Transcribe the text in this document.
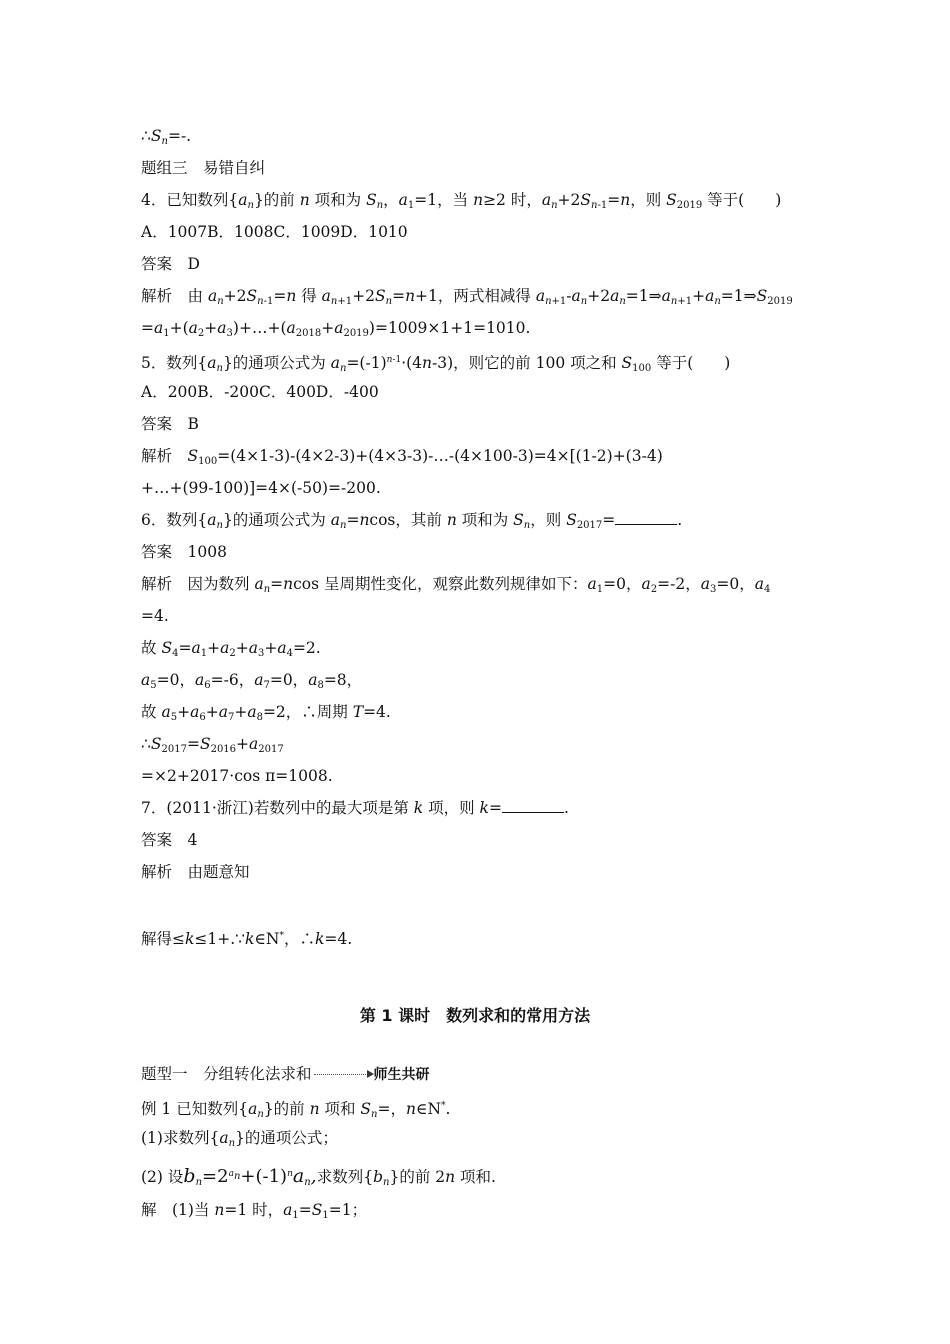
$\therefore S_n=-$.
题组三　易错自纠
4．已知数列$\{a_n\}$的前 n 项和为 $S_n$，$a_1=1$，当 n≥2 时，$a_n+2S_{n-1}=n$，则 $S_{2019}$ 等于(　　)
A．1007B．1008C．1009D．1010
答案　D
解析　由 $a_n+2S_{n-1}=n$ 得 $a_{n+1}+2S_n=n+1$，两式相减得 $a_{n+1}-a_n+2a_n=1\Rightarrow a_{n+1}+a_n=1\Rightarrow S_{2019}$
$=a_1+(a_2+a_3)+\dots+(a_{2018}+a_{2019})=1009\times 1+1=1010$.
5．数列$\{a_n\}$的通项公式为 $a_n=(-1)^{n-1}\cdot(4n-3)$，则它的前 100 项之和 $S_{100}$ 等于(　　)
A．200B．-200C．400D．-400
答案　B
解析　$S_{100}=(4\times 1-3)-(4\times 2-3)+(4\times 3-3)-\dots-(4\times 100-3)=4\times[(1-2)+(3-4)$
+…+(99-100)]=4×(-50)=-200.
6．数列$\{a_n\}$的通项公式为 $a_n=ncos$，其前 n 项和为 $S_n$，则 $S_{2017}=$	.
答案　1008
解析　因为数列 $a_n=ncos$ 呈周期性变化，观察此数列规律如下：$a_1=0$，$a_2=-2$，$a_3=0$，$a_4$
=4.
故 $S_4=a_1+a_2+a_3+a_4=2$.
$a_5=0$，$a_6=-6$，$a_7=0$，$a_8=8$，
故 $a_5+a_6+a_7+a_8=2$，∴周期 T=4.
$\therefore S_{2017}=S_{2016}+a_{2017}$
=×2+2017·cos π=1008.
7．(2011·浙江)若数列中的最大项是第 k 项，则 k=	.
答案　4
解析　由题意知
解得≤k≤1+.∵k∈N*，∴k=4.
第 1 课时　数列求和的常用方法
题型一　分组转化法求和	师生共研
例 1 已知数列$\{a_n\}$的前 n 项和 $S_n=$，n∈N*.
(1)求数列$\{a_n\}$的通项公式；
(2) 设$b_n=2^{a_n}+(-1)^na_n$,求数列$\{b_n\}$的前 2n 项和.
解　(1)当 n=1 时，$a_1=S_1=1$；
